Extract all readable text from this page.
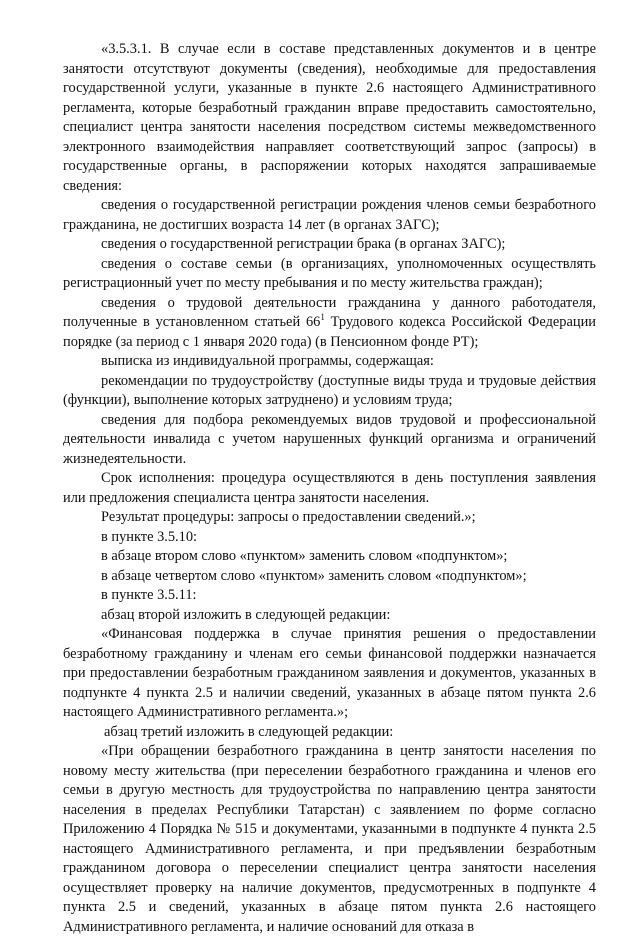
«3.5.3.1. В случае если в составе представленных документов и в центре занятости отсутствуют документы (сведения), необходимые для предоставления государственной услуги, указанные в пункте 2.6 настоящего Административного регламента, которые безработный гражданин вправе предоставить самостоятельно, специалист центра занятости населения посредством системы межведомственного электронного взаимодействия направляет соответствующий запрос (запросы) в государственные органы, в распоряжении которых находятся запрашиваемые сведения:

сведения о государственной регистрации рождения членов семьи безработного гражданина, не достигших возраста 14 лет (в органах ЗАГС);

сведения о государственной регистрации брака (в органах ЗАГС);

сведения о составе семьи (в организациях, уполномоченных осуществлять регистрационный учет по месту пребывания и по месту жительства граждан);

сведения о трудовой деятельности гражданина у данного работодателя, полученные в установленном статьей $66^1$ Трудового кодекса Российской Федерации порядке (за период с 1 января 2020 года) (в Пенсионном фонде РТ);

выписка из индивидуальной программы, содержащая:

рекомендации по трудоустройству (доступные виды труда и трудовые действия (функции), выполнение которых затруднено) и условиям труда;

сведения для подбора рекомендуемых видов трудовой и профессиональной деятельности инвалида с учетом нарушенных функций организма и ограничений жизнедеятельности.

Срок исполнения: процедура осуществляются в день поступления заявления или предложения специалиста центра занятости населения.

Результат процедуры: запросы о предоставлении сведений.»;

в пункте 3.5.10:

в абзаце втором слово «пунктом» заменить словом «подпунктом»;

в абзаце четвертом слово «пунктом» заменить словом «подпунктом»;

в пункте 3.5.11:

абзац второй изложить в следующей редакции:

«Финансовая поддержка в случае принятия решения о предоставлении безработному гражданину и членам его семьи финансовой поддержки назначается при предоставлении безработным гражданином заявления и документов, указанных в подпункте 4 пункта 2.5 и наличии сведений, указанных в абзаце пятом пункта 2.6 настоящего Административного регламента.»;

абзац третий изложить в следующей редакции:

«При обращении безработного гражданина в центр занятости населения по новому месту жительства (при переселении безработного гражданина и членов его семьи в другую местность для трудоустройства по направлению центра занятости населения в пределах Республики Татарстан) с заявлением по форме согласно Приложению 4 Порядка № 515 и документами, указанными в подпункте 4 пункта 2.5 настоящего Административного регламента, и при предъявлении безработным гражданином договора о переселении специалист центра занятости населения осуществляет проверку на наличие документов, предусмотренных в подпункте 4 пункта 2.5 и сведений, указанных в абзаце пятом пункта 2.6 настоящего Административного регламента, и наличие оснований для отказа в
